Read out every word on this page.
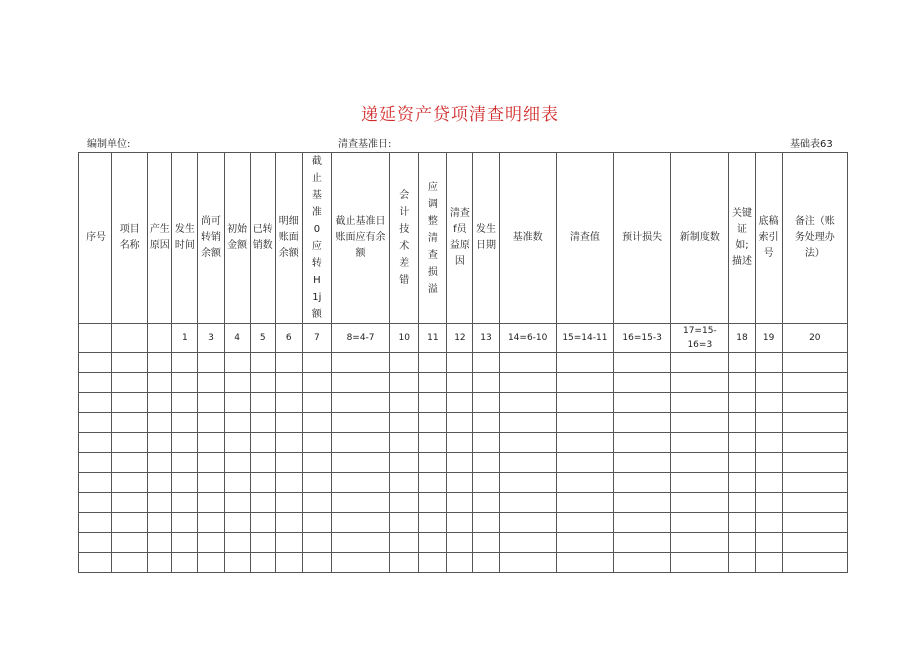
递延资产贷项清查明细表
编制单位:	清查基准日:	基础表63
序号	项目名称	产生原因	发生时间	尚可转销余额	初始金额	已转销数	明细账面余额	截止基准0应转H1j额	截止基准日账面应有余额	会计技术差错	应调整清查损溢	清查f员益原因	发生日期	基准数	清查值	预计损失	新制度数	关键证如;描述	底稿索引号	备注（账务处理办法）
			1	3	4	5	6	7	8=4-7	10	11	12	13	14=6-10	15=14-11	16=15-3	17=15-16=3	18	19	20
